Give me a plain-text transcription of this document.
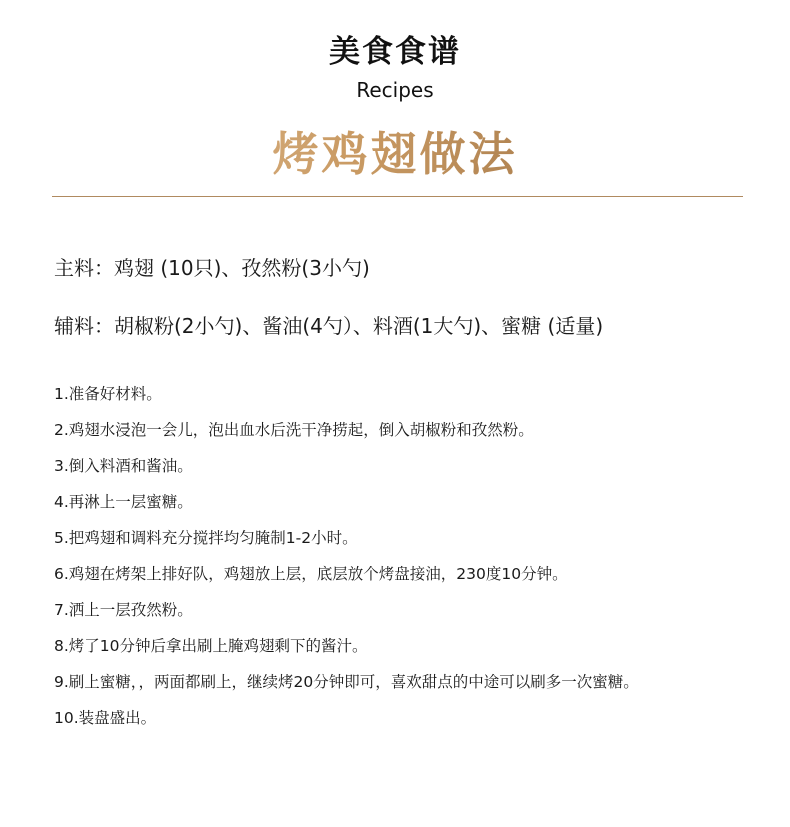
美食食谱
Recipes
烤鸡翅做法
主料：鸡翅 (10只)、孜然粉(3小勺)
辅料：胡椒粉(2小勺)、酱油(4勺）、料酒(1大勺)、蜜糖 (适量)
1.准备好材料。
2.鸡翅水浸泡一会儿，泡出血水后洗干净捞起，倒入胡椒粉和孜然粉。
3.倒入料酒和酱油。
4.再淋上一层蜜糖。
5.把鸡翅和调料充分搅拌均匀腌制1-2小时。
6.鸡翅在烤架上排好队，鸡翅放上层，底层放个烤盘接油，230度10分钟。
7.洒上一层孜然粉。
8.烤了10分钟后拿出刷上腌鸡翅剩下的酱汁。
9.刷上蜜糖，，两面都刷上，继续烤20分钟即可，喜欢甜点的中途可以刷多一次蜜糖。
10.装盘盛出。
